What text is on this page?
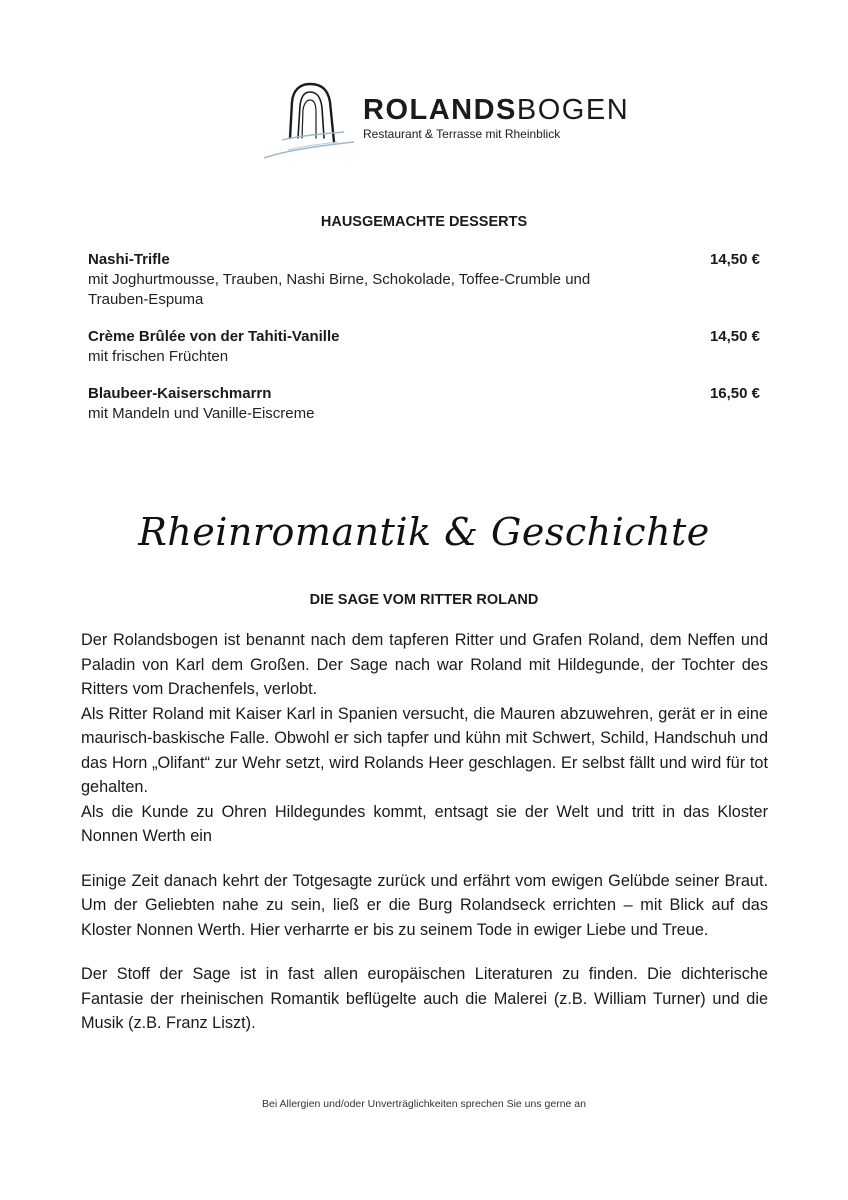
ROLANDSBOGEN
Restaurant & Terrasse mit Rheinblick
HAUSGEMACHTE DESSERTS
Nashi-Trifle	14,50 €
mit Joghurtmousse, Trauben, Nashi Birne, Schokolade, Toffee-Crumble und Trauben-Espuma
Crème Brûlée von der Tahiti-Vanille	14,50 €
mit frischen Früchten
Blaubeer-Kaiserschmarrn	16,50 €
mit Mandeln und Vanille-Eiscreme
Rheinromantik & Geschichte
DIE SAGE VOM RITTER ROLAND

Der Rolandsbogen ist benannt nach dem tapferen Ritter und Grafen Roland, dem Neffen und Paladin von Karl dem Großen. Der Sage nach war Roland mit Hildegunde, der Tochter des Ritters vom Drachenfels, verlobt.

Als Ritter Roland mit Kaiser Karl in Spanien versucht, die Mauren abzuwehren, gerät er in eine maurisch-baskische Falle. Obwohl er sich tapfer und kühn mit Schwert, Schild, Handschuh und das Horn „Olifant“ zur Wehr setzt, wird Rolands Heer geschlagen. Er selbst fällt und wird für tot gehalten.

Als die Kunde zu Ohren Hildegundes kommt, entsagt sie der Welt und tritt in das Kloster Nonnen Werth ein

Einige Zeit danach kehrt der Totgesagte zurück und erfährt vom ewigen Gelübde seiner Braut. Um der Geliebten nahe zu sein, ließ er die Burg Rolandseck errichten – mit Blick auf das Kloster Nonnen Werth. Hier verharrte er bis zu seinem Tode in ewiger Liebe und Treue.

Der Stoff der Sage ist in fast allen europäischen Literaturen zu finden. Die dichterische Fantasie der rheinischen Romantik beflügelte auch die Malerei (z.B. William Turner) und die Musik (z.B. Franz Liszt).

Bei Allergien und/oder Unverträglichkeiten sprechen Sie uns gerne an
